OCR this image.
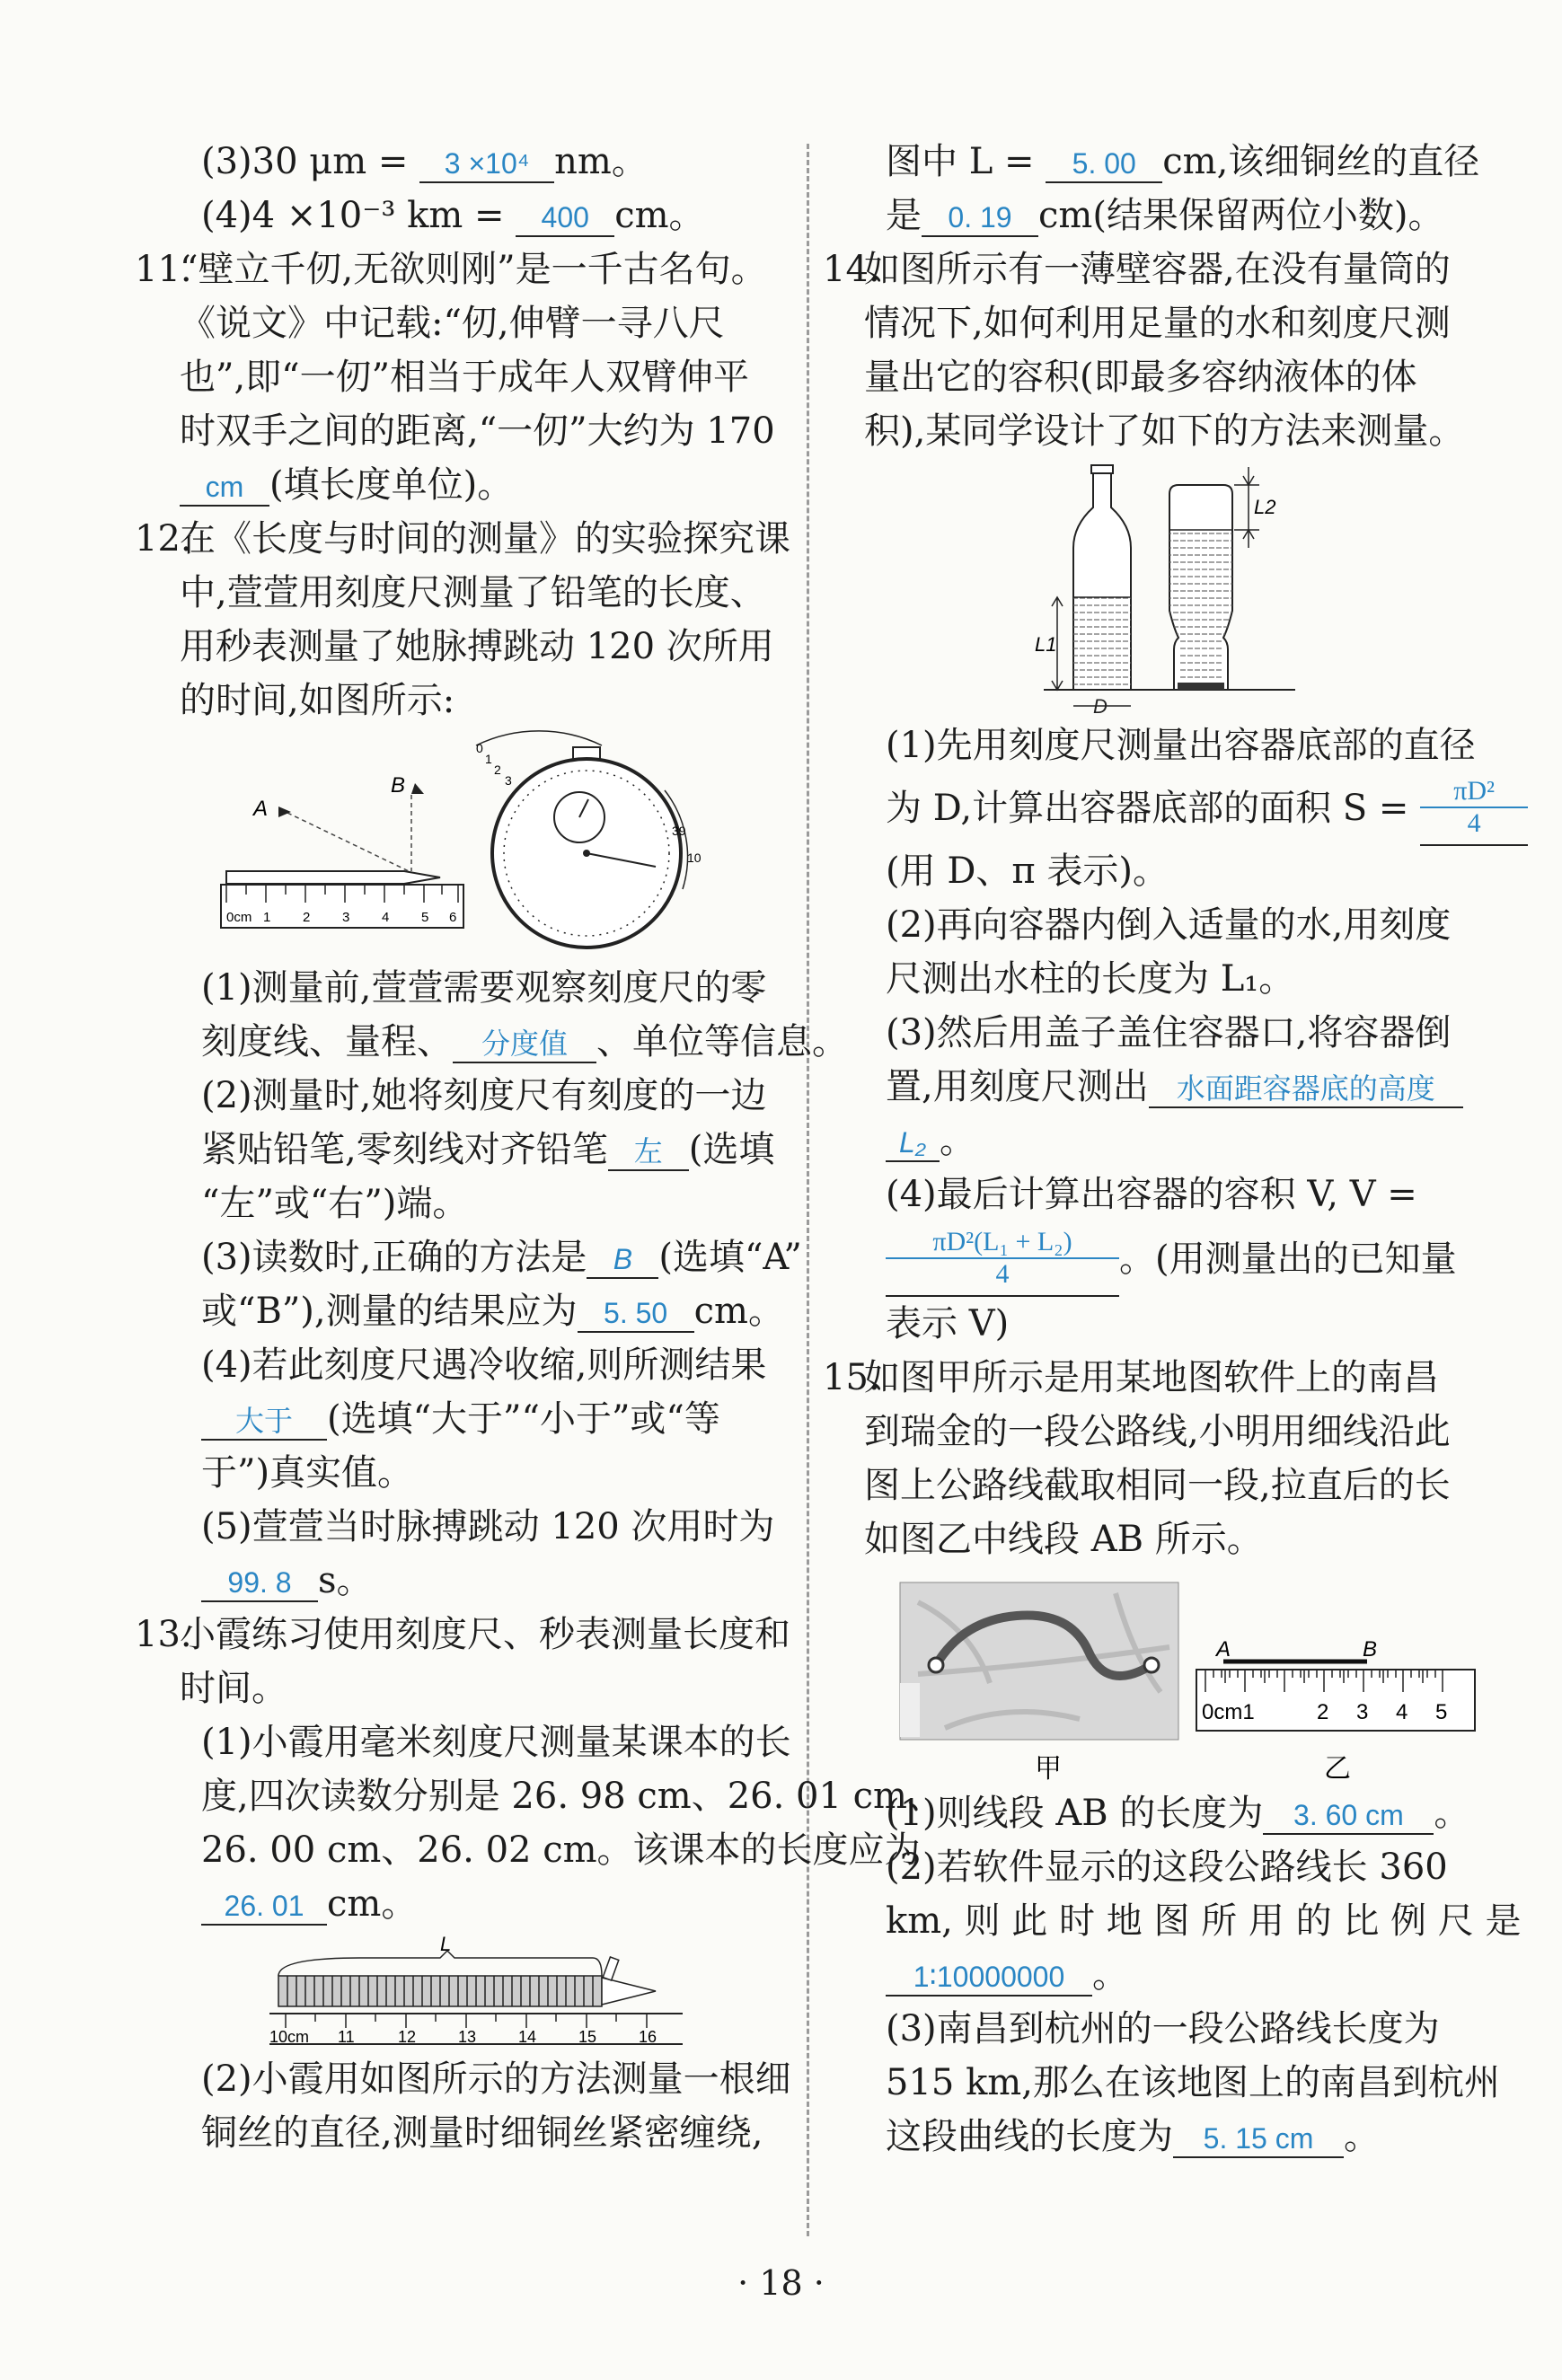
(3)30 μm = 3 ×10⁴ nm。
(4)4 ×10⁻³ km = 400 cm。
11.
“壁立千仞,无欲则刚”是一千古名句。
《说文》中记载:“仞,伸臂一寻八尺
也”,即“一仞”相当于成年人双臂伸平
时双手之间的距离,“一仞”大约为 170
cm (填长度单位)。
12.
在《长度与时间的测量》的实验探究课
中,萱萱用刻度尺测量了铅笔的长度、
用秒表测量了她脉搏跳动 120 次所用
的时间,如图所示:
0cm 1 2 3 4 5 6
A
B
0
1
2
3
39
10
(1)测量前,萱萱需要观察刻度尺的零
刻度线、量程、 分度值 、单位等信息。
(2)测量时,她将刻度尺有刻度的一边
紧贴铅笔,零刻线对齐铅笔 左 (选填
“左”或“右”)端。
(3)读数时,正确的方法是 B (选填“A”
或“B”),测量的结果应为 5. 50 cm。
(4)若此刻度尺遇冷收缩,则所测结果
大于 (选填“大于”“小于”或“等
于”)真实值。
(5)萱萱当时脉搏跳动 120 次用时为
99. 8 s。
13.
小霞练习使用刻度尺、秒表测量长度和
时间。
(1)小霞用毫米刻度尺测量某课本的长
度,四次读数分别是 26. 98 cm、26. 01 cm、
26. 00 cm、26. 02 cm。该课本的长度应为
26. 01 cm。
L
10cm 11	12	13	14	15	16
(2)小霞用如图所示的方法测量一根细
铜丝的直径,测量时细铜丝紧密缠绕,
图中 L = 5. 00 cm,该细铜丝的直径
是 0. 19 cm(结果保留两位小数)。
14.
如图所示有一薄壁容器,在没有量筒的
情况下,如何利用足量的水和刻度尺测
量出它的容积(即最多容纳液体的体
积),某同学设计了如下的方法来测量。
L1
D
L2
(1)先用刻度尺测量出容器底部的直径
为 D,计算出容器底部的面积 $S = \frac{\text{πD²}}{4}$
(用 D、π 表示)。
(2)再向容器内倒入适量的水,用刻度
尺测出水柱的长度为 L₁。
(3)然后用盖子盖住容器口,将容器倒
置,用刻度尺测出 水面距容器底的高度
L₂ 。
(4)最后计算出容器的容积 V, V =
$\frac{\text{πD²(L₁ + L₂)}}{4}$ 。(用测量出的已知量
表示 V)
15.
如图甲所示是用某地图软件上的南昌
到瑞金的一段公路线,小明用细线沿此
图上公路线截取相同一段,拉直后的长
如图乙中线段 AB 所示。
甲
A	B
0cm1	2 3 4 5
乙
(1)则线段 AB 的长度为 3. 60 cm 。
(2)若软件显示的这段公路线长 360
km, 则 此 时 地 图 所 用 的 比 例 尺 是
1∶10000000 。
(3)南昌到杭州的一段公路线长度为
515 km,那么在该地图上的南昌到杭州
这段曲线的长度为 5. 15 cm 。
· 18 ·
